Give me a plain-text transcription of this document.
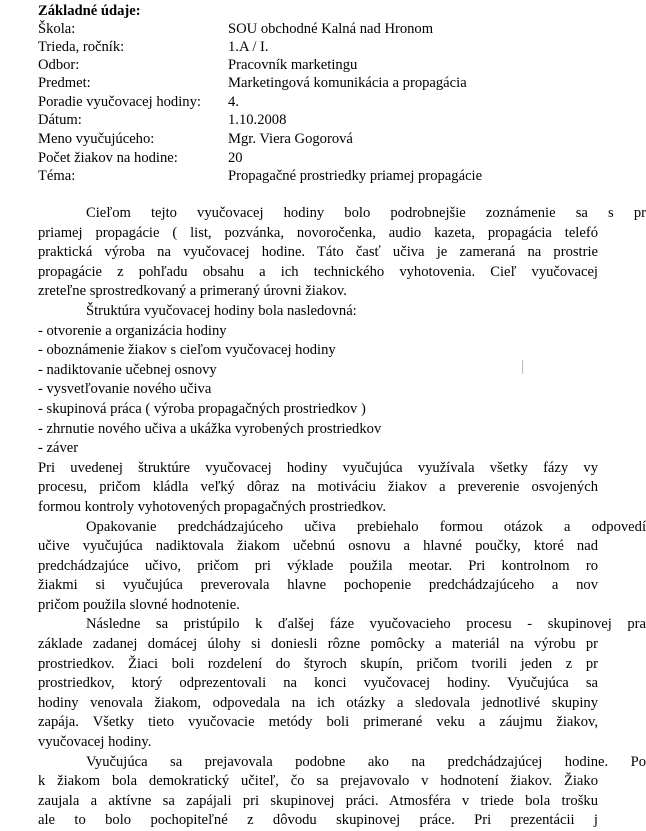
Základné údaje:
Škola:	SOU obchodné Kalná nad Hronom
Trieda, ročník:	1.A / I.
Odbor:	Pracovník marketingu
Predmet:	Marketingová komunikácia a propagácia
Poradie vyučovacej hodiny: 4.
Dátum:	1.10.2008
Meno vyučujúceho:	Mgr. Viera Gogorová
Počet žiakov na hodine:	20
Téma:	Propagačné prostriedky priamej propagácie

Cieľom tejto vyučovacej hodiny bolo podrobnejšie zoznámenie sa s pr

priamej propagácie ( list, pozvánka, novoročenka, audio kazeta, propagácia telefó

praktická výroba na vyučovacej hodine. Táto časť učiva je zameraná na prostrie

propagácie z pohľadu obsahu a ich technického vyhotovenia. Cieľ vyučovacej

zreteľne sprostredkovaný a primeraný úrovni žiakov.

Štruktúra vyučovacej hodiny bola nasledovná:

- otvorenie a organizácia hodiny

- oboznámenie žiakov s cieľom vyučovacej hodiny

- nadiktovanie učebnej osnovy

- vysvetľovanie nového učiva

- skupinová práca ( výroba propagačných prostriedkov )

- zhrnutie nového učiva a ukážka vyrobených prostriedkov

- záver

Pri uvedenej štruktúre vyučovacej hodiny vyučujúca využívala všetky fázy vy

procesu, pričom kládla veľký dôraz na motiváciu žiakov a preverenie osvojených

formou kontroly vyhotovených propagačných prostriedkov.

Opakovanie predchádzajúceho učiva prebiehalo formou otázok a odpovedí

učive vyučujúca nadiktovala žiakom učebnú osnovu a hlavné poučky, ktoré nad

predchádzajúce učivo, pričom pri výklade použila meotar. Pri kontrolnom ro

žiakmi si vyučujúca preverovala hlavne pochopenie predchádzajúceho a nov

pričom použila slovné hodnotenie.

Následne sa pristúpilo k ďalšej fáze vyučovacieho procesu - skupinovej pra

základe zadanej domácej úlohy si doniesli rôzne pomôcky a materiál na výrobu pr

prostriedkov. Žiaci boli rozdelení do štyroch skupín, pričom tvorili jeden z pr

prostriedkov, ktorý odprezentovali na konci vyučovacej hodiny. Vyučujúca sa

hodiny venovala žiakom, odpovedala na ich otázky a sledovala jednotlivé skupiny

zapája. Všetky tieto vyučovacie metódy boli primerané veku a záujmu žiakov,

vyučovacej hodiny.

Vyučujúca sa prejavovala podobne ako na predchádzajúcej hodine. Po

k žiakom bola demokratický učiteľ, čo sa prejavovalo v hodnotení žiakov. Žiako

zaujala a aktívne sa zapájali pri skupinovej práci. Atmosféra v triede bola trošku

ale to bolo pochopiteľné z dôvodu skupinovej práce. Pri prezentácii j
